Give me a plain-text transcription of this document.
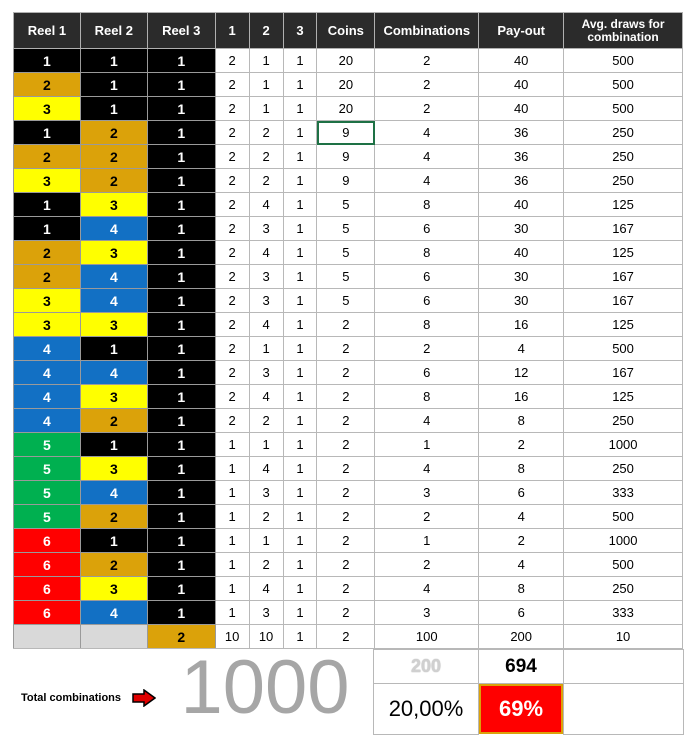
Reel 1	Reel 2	Reel 3	1	2	3	Coins	Combinations	Pay-out	Avg. draws for combination
1	1	1	2	1	1	20	2	40	500
2	1	1	2	1	1	20	2	40	500
3	1	1	2	1	1	20	2	40	500
1	2	1	2	2	1	9	4	36	250
2	2	1	2	2	1	9	4	36	250
3	2	1	2	2	1	9	4	36	250
1	3	1	2	4	1	5	8	40	125
1	4	1	2	3	1	5	6	30	167
2	3	1	2	4	1	5	8	40	125
2	4	1	2	3	1	5	6	30	167
3	4	1	2	3	1	5	6	30	167
3	3	1	2	4	1	2	8	16	125
4	1	1	2	1	1	2	2	4	500
4	4	1	2	3	1	2	6	12	167
4	3	1	2	4	1	2	8	16	125
4	2	1	2	2	1	2	4	8	250
5	1	1	1	1	1	2	1	2	1000
5	3	1	1	4	1	2	4	8	250
5	4	1	1	3	1	2	3	6	333
5	2	1	1	2	1	2	2	4	500
6	1	1	1	1	1	2	1	2	1000
6	2	1	1	2	1	2	2	4	500
6	3	1	1	4	1	2	4	8	250
6	4	1	1	3	1	2	3	6	333
		2	10	10	1	2	100	200	10
Total combinations 1000	200	694
20,00%	69%
